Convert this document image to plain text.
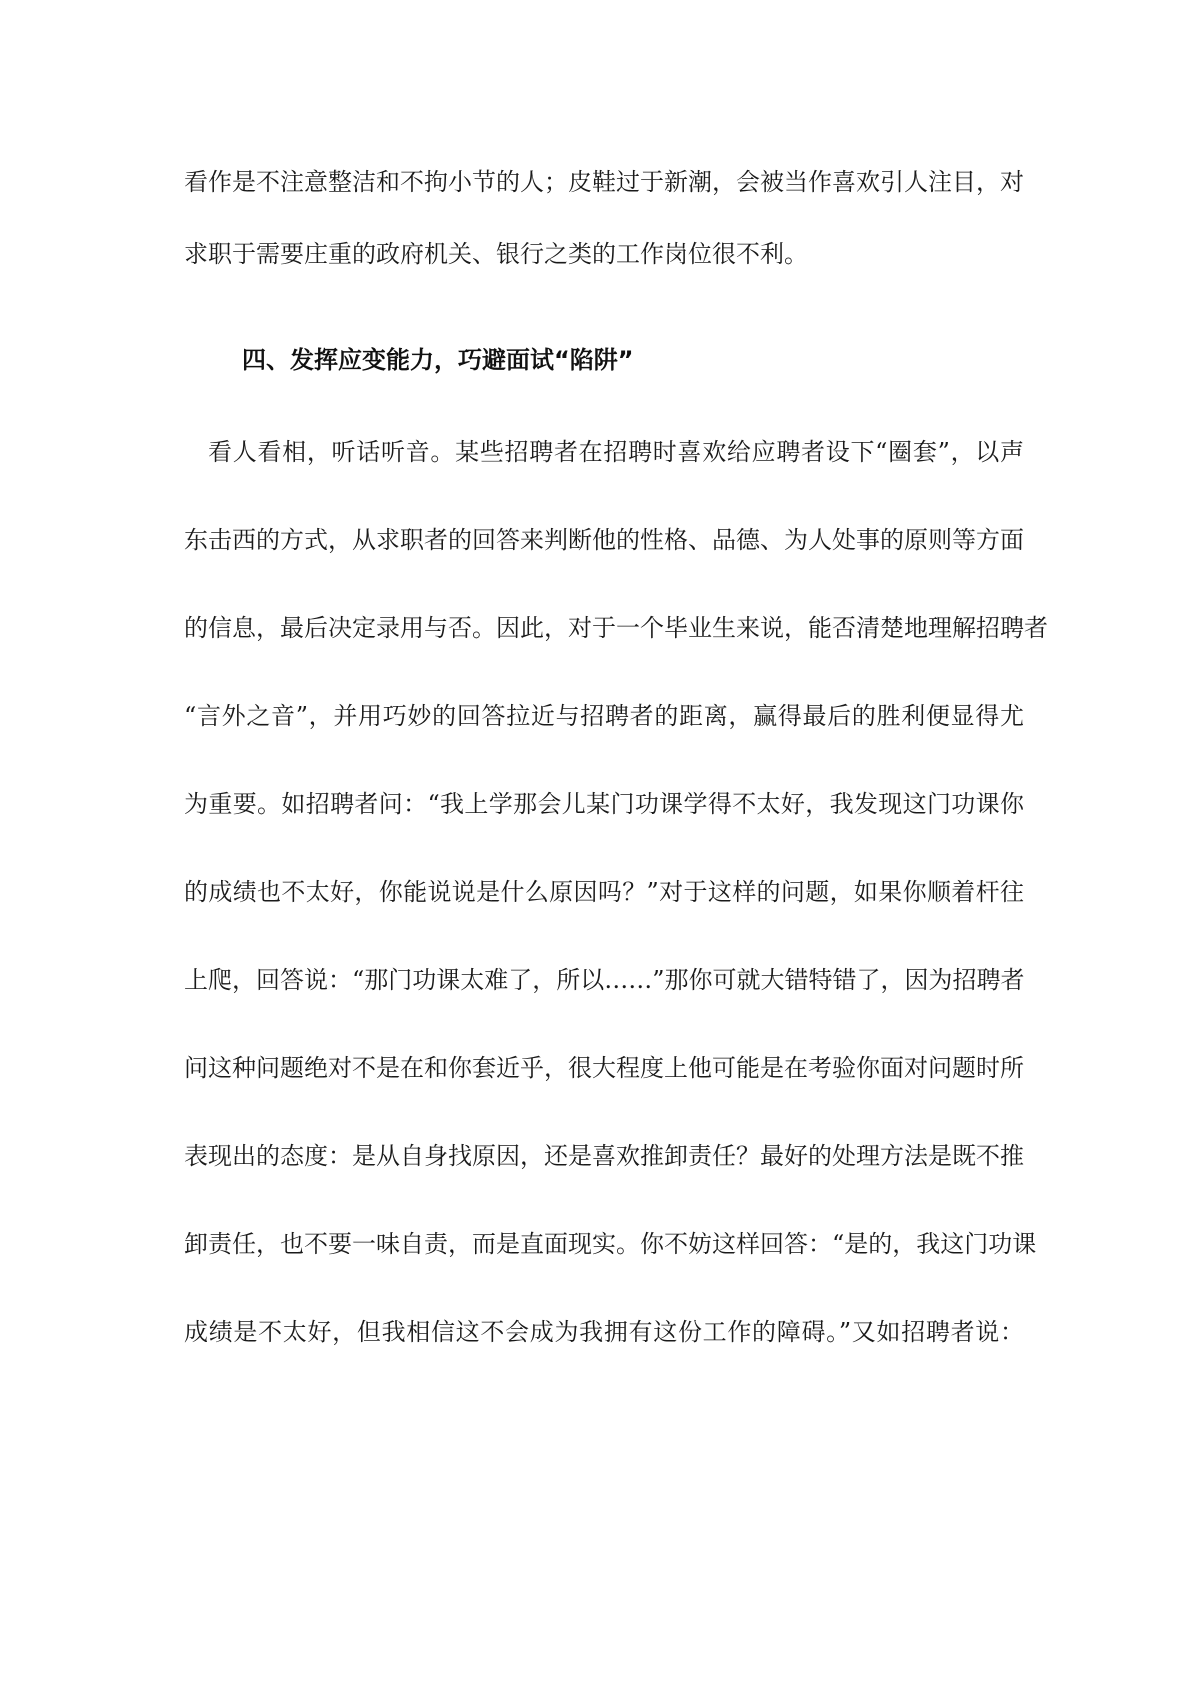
看作是不注意整洁和不拘小节的人；皮鞋过于新潮，会被当作喜欢引人注目，对
求职于需要庄重的政府机关、银行之类的工作岗位很不利。
四、发挥应变能力，巧避面试“陷阱”
看人看相，听话听音。某些招聘者在招聘时喜欢给应聘者设下“圈套”，以声
东击西的方式，从求职者的回答来判断他的性格、品德、为人处事的原则等方面
的信息，最后决定录用与否。因此，对于一个毕业生来说，能否清楚地理解招聘者
“言外之音”，并用巧妙的回答拉近与招聘者的距离，赢得最后的胜利便显得尤
为重要。如招聘者问：“我上学那会儿某门功课学得不太好，我发现这门功课你
的成绩也不太好，你能说说是什么原因吗？”对于这样的问题，如果你顺着杆往
上爬，回答说：“那门功课太难了，所以……”那你可就大错特错了，因为招聘者
问这种问题绝对不是在和你套近乎，很大程度上他可能是在考验你面对问题时所
表现出的态度：是从自身找原因，还是喜欢推卸责任？最好的处理方法是既不推
卸责任，也不要一味自责，而是直面现实。你不妨这样回答：“是的，我这门功课
成绩是不太好，但我相信这不会成为我拥有这份工作的障碍。”又如招聘者说：
